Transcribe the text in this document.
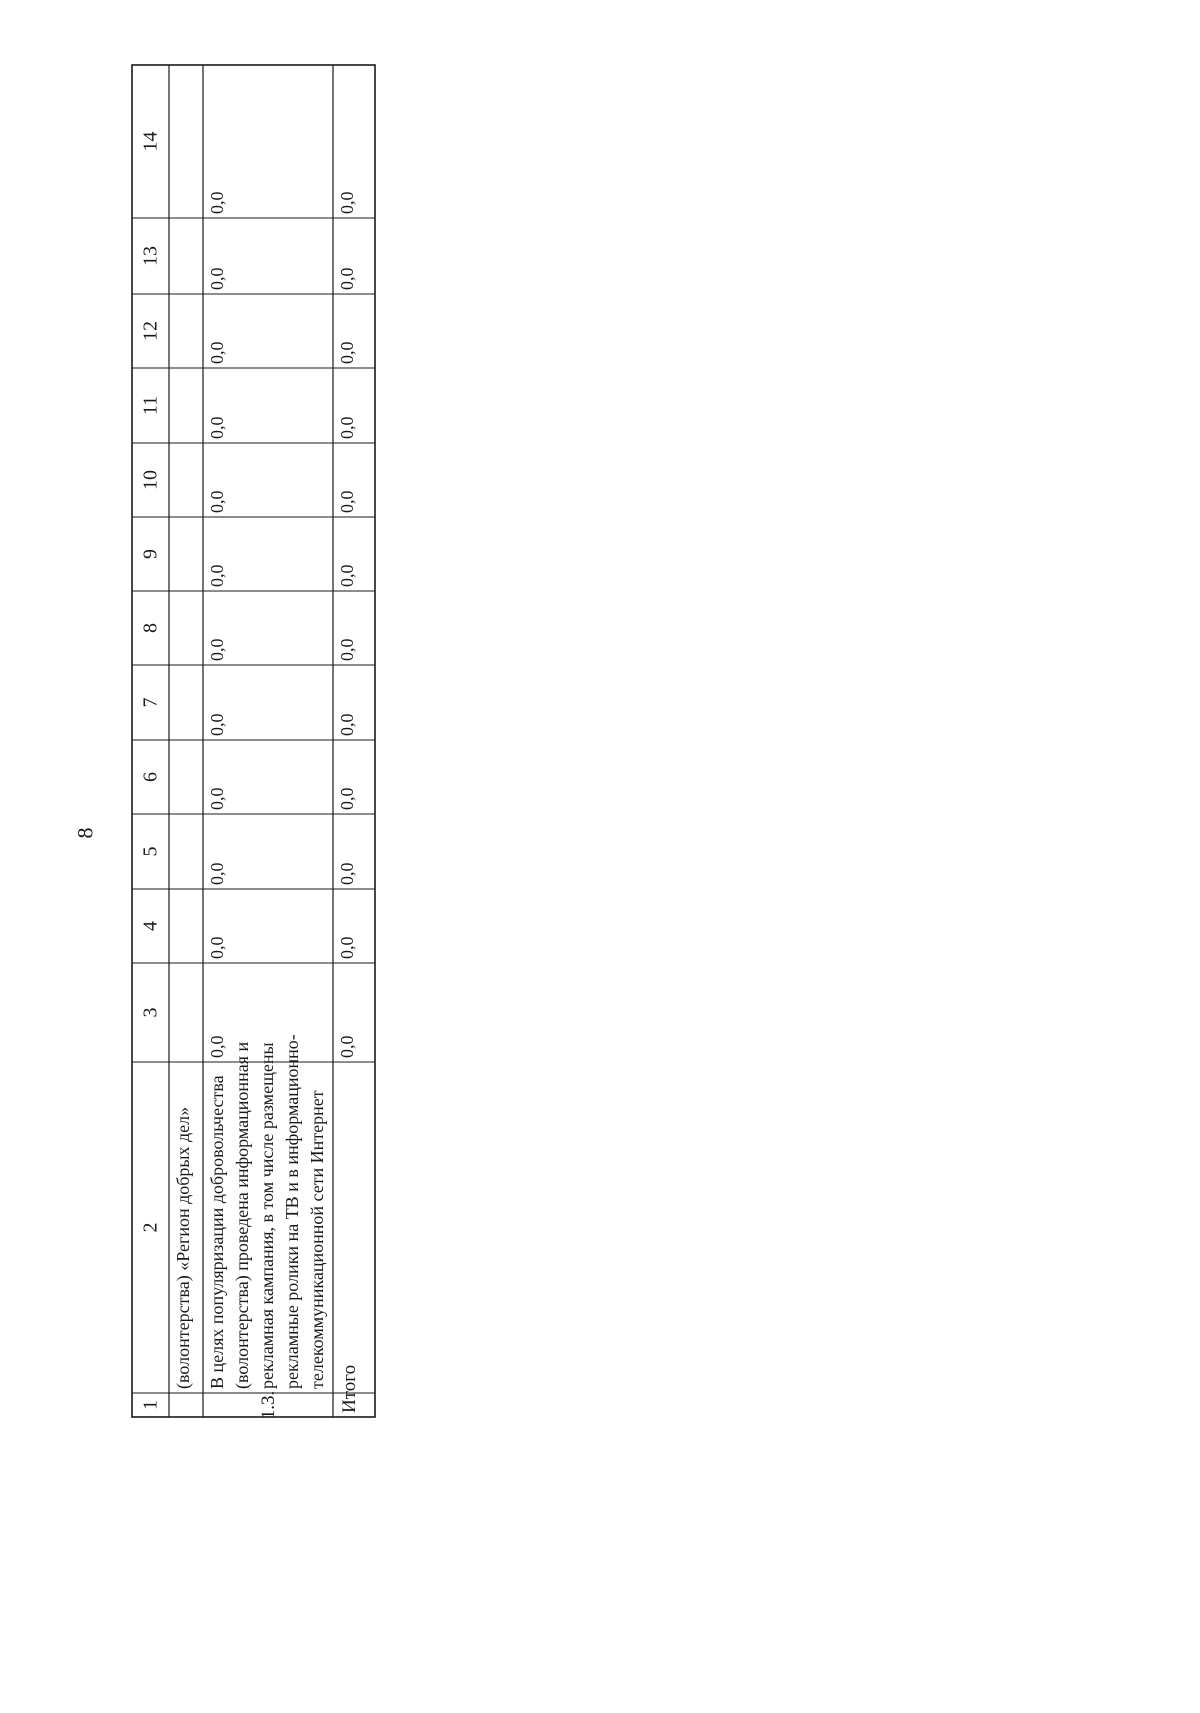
8
1
2
3
4
5
6
7
8
9
10
11
12
13
14
(волонтерства) «Регион добрых дел»
1.3.
В целях популяризации добровольчества (волонтерства) проведена информационная и рекламная кампания, в том числе размещены рекламные ролики на ТВ и в информационно- телекоммуникационной сети Интернет
0,0
0,0
0,0
0,0
0,0
0,0
0,0
0,0
0,0
0,0
0,0
0,0
Итого
0,0
0,0
0,0
0,0
0,0
0,0
0,0
0,0
0,0
0,0
0,0
0,0
